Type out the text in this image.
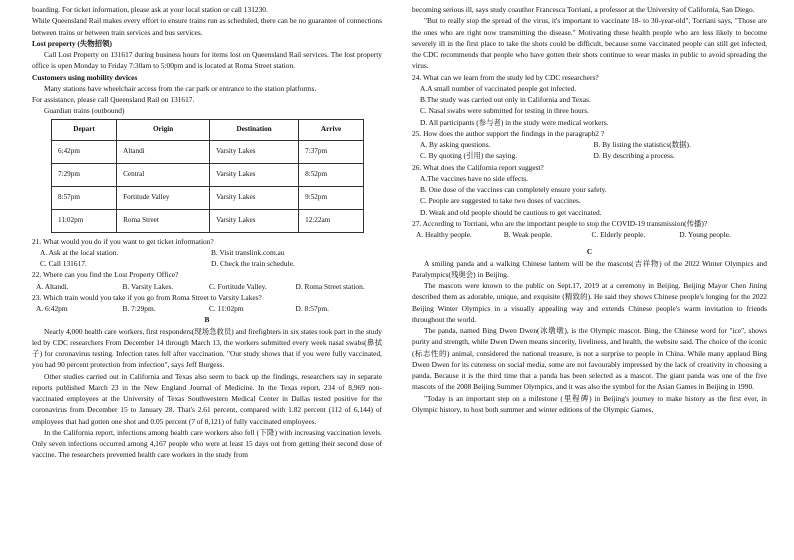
boarding. For ticket information, please ask at your local station or call 131230.

While Queensland Rail makes every effort to ensure trains run as scheduled, there can be no guarantee of connections between trains or between train services and bus services.

Lost property (失物招领)

Call Lost Property on 131617 during business hours for items lost on Queensland Rail services. The lost property office is open Monday to Friday 7:30am to 5:00pm and is located at Roma Street station.

Customers using mobility devices

Many stations have wheelchair access from the car park or entrance to the station platforms.

For assistance, please call Queensland Rail on 131617.

Guardian trains (outbound)

Depart	Origin	Destination	Arrive
6:42pm	Altandi	Varsity Lakes	7:37pm
7:29pm	Central	Varsity Lakes	8:52pm
8:57pm	Fortitude Valley	Varsity Lakes	9:52pm
11:02pm	Roma Street	Varsity Lakes	12:22am

21. What would you do if you want to get ticket information?

A. Ask at the local station.	B. Visit translink.com.au
C. Call 131617.	D. Check the train schedule.

22. Where can you find the Lost Property Office?

A. Altandi.	B. Varsity Lakes.	C. Fortitude Valley.	D. Roma Street station.

23. Which train would you take if you go from Roma Street to Varsity Lakes?

A. 6:42pm	B. 7:29pm.	C. 11:02pm	D. 8:57pm.

B

Nearly 4,000 health care workers, first responders(现场急救员) and firefighters in six states took part in the study led by CDC researchers From December 14 through March 13, the workers submitted every week nasal swabs(鼻拭子) for coronavirus testing. Infection rates fell after vaccination. "Our study shows that if you were fully vaccinated, you had 90 percent protection from infection", says Jeff Burgess.

Other studies carried out in California and Texas also seem to back up the findings, researchers say in separate reports published March 23 in the New England Journal of Medicine. In the Texas report, 234 of 8,969 non-vaccinated employees at the University of Texas Southwestern Medical Center in Dallas tested positive for the coronavirus from December 15 to January 28. That's 2.61 percent, compared with 1.82 percent (112 of 6,144) of employees that had gotten one shot and 0.05 percent (7 of 8,121) of fully vaccinated employees.

In the California report, infections among health care workers also fell (下降) with increasing vaccination levels. Only seven infections occurred among 4,167 people who were at least 15 days out from getting their second dose of vaccine. The researchers prevented health care workers in the study from

becoming serious ill, says study coauthor Francesca Torriani, a professor at the University of California, San Diego.

"But to really stop the spread of the virus, it's important to vaccinate 18- to 30-year-old", Torriani says, "Those are the ones who are right now transmitting the disease." Motivating these health people who are less likely to become severely ill in the first place to take the shots could be difficult, because some vaccinated people can still get infected, the CDC recommends that people who have gotten their shots continue to wear masks in public to avoid spreading the virus.

24. What can we learn from the study led by CDC researchers?

A.A small number of vaccinated people got infected.

B.The study was carried out only in California and Texas.

C. Nasal swabs were submitted for testing in three hours.

D. All participants (参与者) in the study were medical workers.

25. How does the author support the findings in the paragraph2 ?

A. By asking questions.	B. By listing the statistics(数据).
C. By quoting (引用) the saying.	D. By describing a process.

26. What does the California report suggest?

A.The vaccines have no side effects.

B. One dose of the vaccines can completely ensure your safety.

C. People are suggested to take two doses of vaccines.

D. Weak and old people should be cautious to get vaccinated.

27. According to Torriani, who are the important people to stop the COVID-19 transmission(传播)?

A. Healthy people.	B. Weak people.	C. Elderly people.	D. Young people.

C

A smiling panda and a walking Chinese lantern will be the mascots(吉祥物) of the 2022 Winter Olympics and Paralympics(残奥会) in Beijing.

The mascots were known to the public on Sept.17, 2019 at a ceremony in Beijing. Beijing Mayor Chen Jining described them as adorable, unique, and exquisite (精致的). He said they shows Chinese people's longing for the 2022 Beijing Winter Olympics in a visually appealing way and extends Chinese people's warm invitation to friends throughout the world.

The panda, named Bing Dwen Dwen(冰墩墩), is the Olympic mascot. Bing, the Chinese word for "ice", shows purity and strength, while Dwen Dwen means sincerity, liveliness, and health, the website said. The choice of the iconic (标志性的) animal, considered the national treasure, is not a surprise to people in China. While many applaud Bing Dwen Dwen for its cuteness on social media, some are not favourably impressed by the lack of creativity in choosing a panda. Because it is the third time that a panda has been selected as a mascot. The giant panda was one of the five mascots of the 2008 Beijing Summer Olympics, and it was also the symbol for the Asian Games in Beijing in 1990.

"Today is an important step on a milestone (里程碑) in Beijing's journey to make history as the first ever, in Olympic history, to host both summer and winter editions of the Olympic Games,
